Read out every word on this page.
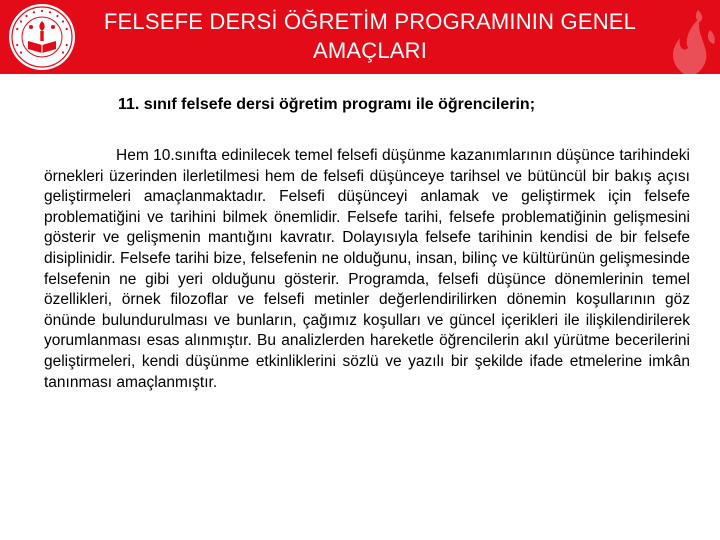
FELSEFE DERSİ ÖĞRETİM PROGRAMININ GENEL AMAÇLARI
11. sınıf felsefe dersi öğretim programı ile öğrencilerin;

Hem 10.sınıfta edinilecek temel felsefi düşünme kazanımlarının düşünce tarihindeki örnekleri üzerinden ilerletilmesi hem de felsefi düşünceye tarihsel ve bütüncül bir bakış açısı geliştirmeleri amaçlanmaktadır. Felsefi düşünceyi anlamak ve geliştirmek için felsefe problematiğini ve tarihini bilmek önemlidir. Felsefe tarihi, felsefe problematiğinin gelişmesini gösterir ve gelişmenin mantığını kavratır. Dolayısıyla felsefe tarihinin kendisi de bir felsefe disiplinidir. Felsefe tarihi bize, felsefenin ne olduğunu, insan, bilinç ve kültürünün gelişmesinde felsefenin ne gibi yeri olduğunu gösterir. Programda, felsefi düşünce dönemlerinin temel özellikleri, örnek filozoflar ve felsefi metinler değerlendirilirken dönemin koşullarının göz önünde bulundurulması ve bunların, çağımız koşulları ve güncel içerikleri ile ilişkilendirilerek yorumlanması esas alınmıştır. Bu analizlerden hareketle öğrencilerin akıl yürütme becerilerini geliştirmeleri, kendi düşünme etkinliklerini sözlü ve yazılı bir şekilde ifade etmelerine imkân tanınması amaçlanmıştır.
